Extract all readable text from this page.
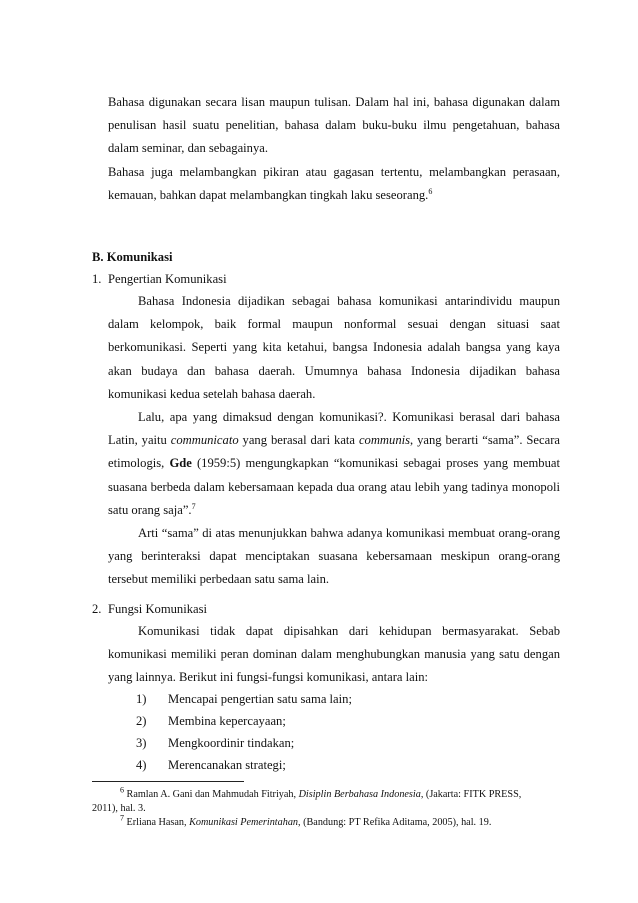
Bahasa digunakan secara lisan maupun tulisan. Dalam hal ini, bahasa digunakan dalam penulisan hasil suatu penelitian, bahasa dalam buku-buku ilmu pengetahuan, bahasa dalam seminar, dan sebagainya.

Bahasa juga melambangkan pikiran atau gagasan tertentu, melambangkan perasaan, kemauan, bahkan dapat melambangkan tingkah laku seseorang.$^6$

B. Komunikasi
1. Pengertian Komunikasi

Bahasa Indonesia dijadikan sebagai bahasa komunikasi antarindividu maupun dalam kelompok, baik formal maupun nonformal sesuai dengan situasi saat berkomunikasi. Seperti yang kita ketahui, bangsa Indonesia adalah bangsa yang kaya akan budaya dan bahasa daerah. Umumnya bahasa Indonesia dijadikan bahasa komunikasi kedua setelah bahasa daerah.

Lalu, apa yang dimaksud dengan komunikasi?. Komunikasi berasal dari bahasa Latin, yaitu communicato yang berasal dari kata communis, yang berarti “sama”. Secara etimologis, Gde (1959:5) mengungkapkan “komunikasi sebagai proses yang membuat suasana berbeda dalam kebersamaan kepada dua orang atau lebih yang tadinya monopoli satu orang saja”.$^7$

Arti “sama” di atas menunjukkan bahwa adanya komunikasi membuat orang-orang yang berinteraksi dapat menciptakan suasana kebersamaan meskipun orang-orang tersebut memiliki perbedaan satu sama lain.

2. Fungsi Komunikasi

Komunikasi tidak dapat dipisahkan dari kehidupan bermasyarakat. Sebab komunikasi memiliki peran dominan dalam menghubungkan manusia yang satu dengan yang lainnya. Berikut ini fungsi-fungsi komunikasi, antara lain:

1) Mencapai pengertian satu sama lain;
2) Membina kepercayaan;
3) Mengkoordinir tindakan;
4) Merencanakan strategi;
$^6$ Ramlan A. Gani dan Mahmudah Fitriyah, Disiplin Berbahasa Indonesia, (Jakarta: FITK PRESS,
2011), hal. 3.
$^7$ Erliana Hasan, Komunikasi Pemerintahan, (Bandung: PT Refika Aditama, 2005), hal. 19.
